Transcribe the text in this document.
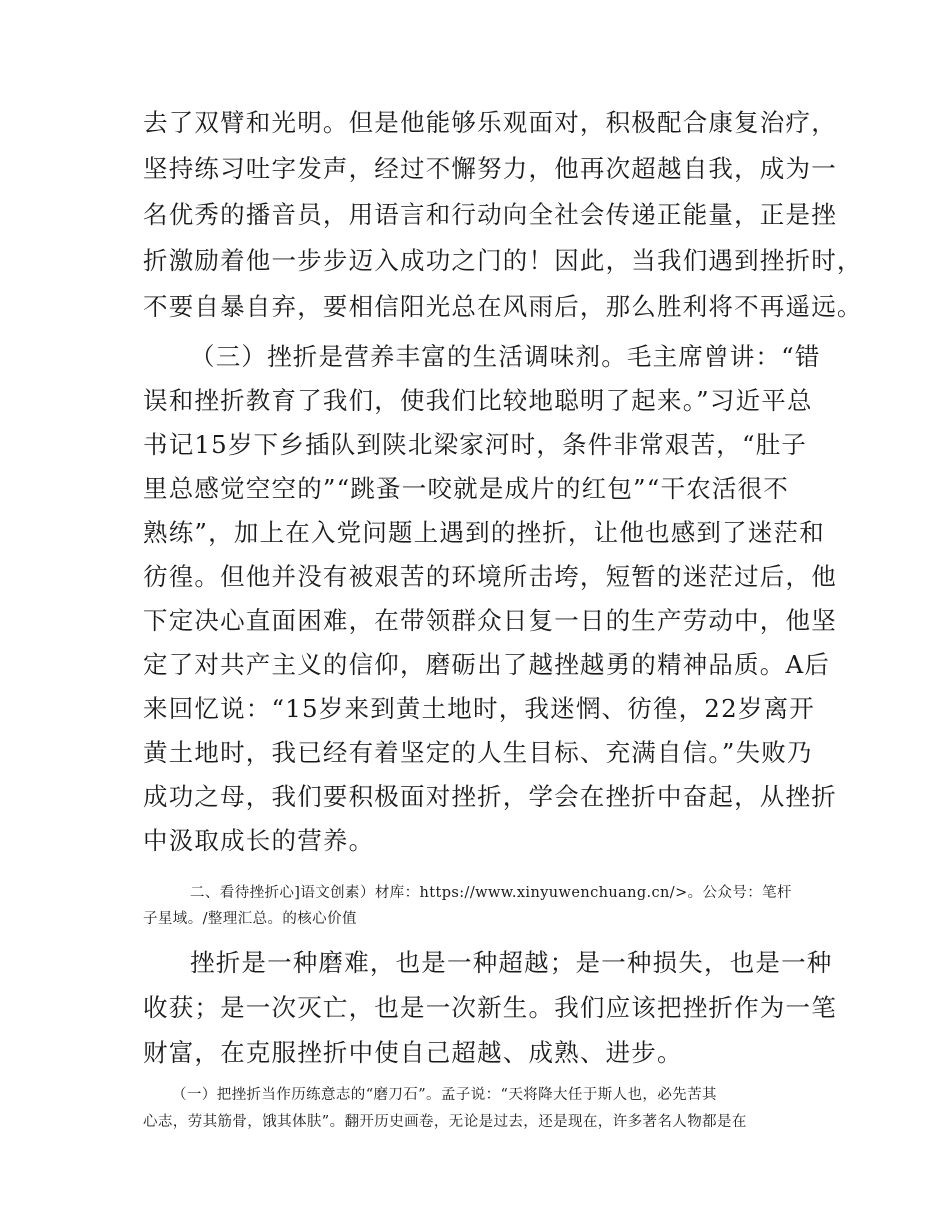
去了双臂和光明。但是他能够乐观面对，积极配合康复治疗，
坚持练习吐字发声，经过不懈努力，他再次超越自我，成为一
名优秀的播音员，用语言和行动向全社会传递正能量，正是挫
折激励着他一步步迈入成功之门的！因此，当我们遇到挫折时，
不要自暴自弃，要相信阳光总在风雨后，那么胜利将不再遥远。
（三）挫折是营养丰富的生活调味剂。毛主席曾讲：“错
误和挫折教育了我们，使我们比较地聪明了起来。”习近平总
书记15岁下乡插队到陕北梁家河时，条件非常艰苦，“肚子
里总感觉空空的”“跳蚤一咬就是成片的红包”“干农活很不
熟练”，加上在入党问题上遇到的挫折，让他也感到了迷茫和
彷徨。但他并没有被艰苦的环境所击垮，短暂的迷茫过后，他
下定决心直面困难，在带领群众日复一日的生产劳动中，他坚
定了对共产主义的信仰，磨砺出了越挫越勇的精神品质。A后
来回忆说：“15岁来到黄土地时，我迷惘、彷徨，22岁离开
黄土地时，我已经有着坚定的人生目标、充满自信。”失败乃
成功之母，我们要积极面对挫折，学会在挫折中奋起，从挫折
中汲取成长的营养。
二、看待挫折心]语文创素）材库：https://www.xinyuwenchuang.cn/>。公众号：笔杆
子星域。/整理汇总。的核心价值
挫折是一种磨难，也是一种超越；是一种损失，也是一种
收获；是一次灭亡，也是一次新生。我们应该把挫折作为一笔
财富，在克服挫折中使自己超越、成熟、进步。
（一）把挫折当作历练意志的“磨刀石”。孟子说：“天将降大任于斯人也，必先苦其
心志，劳其筋骨，饿其体肤”。翻开历史画卷，无论是过去，还是现在，许多著名人物都是在
